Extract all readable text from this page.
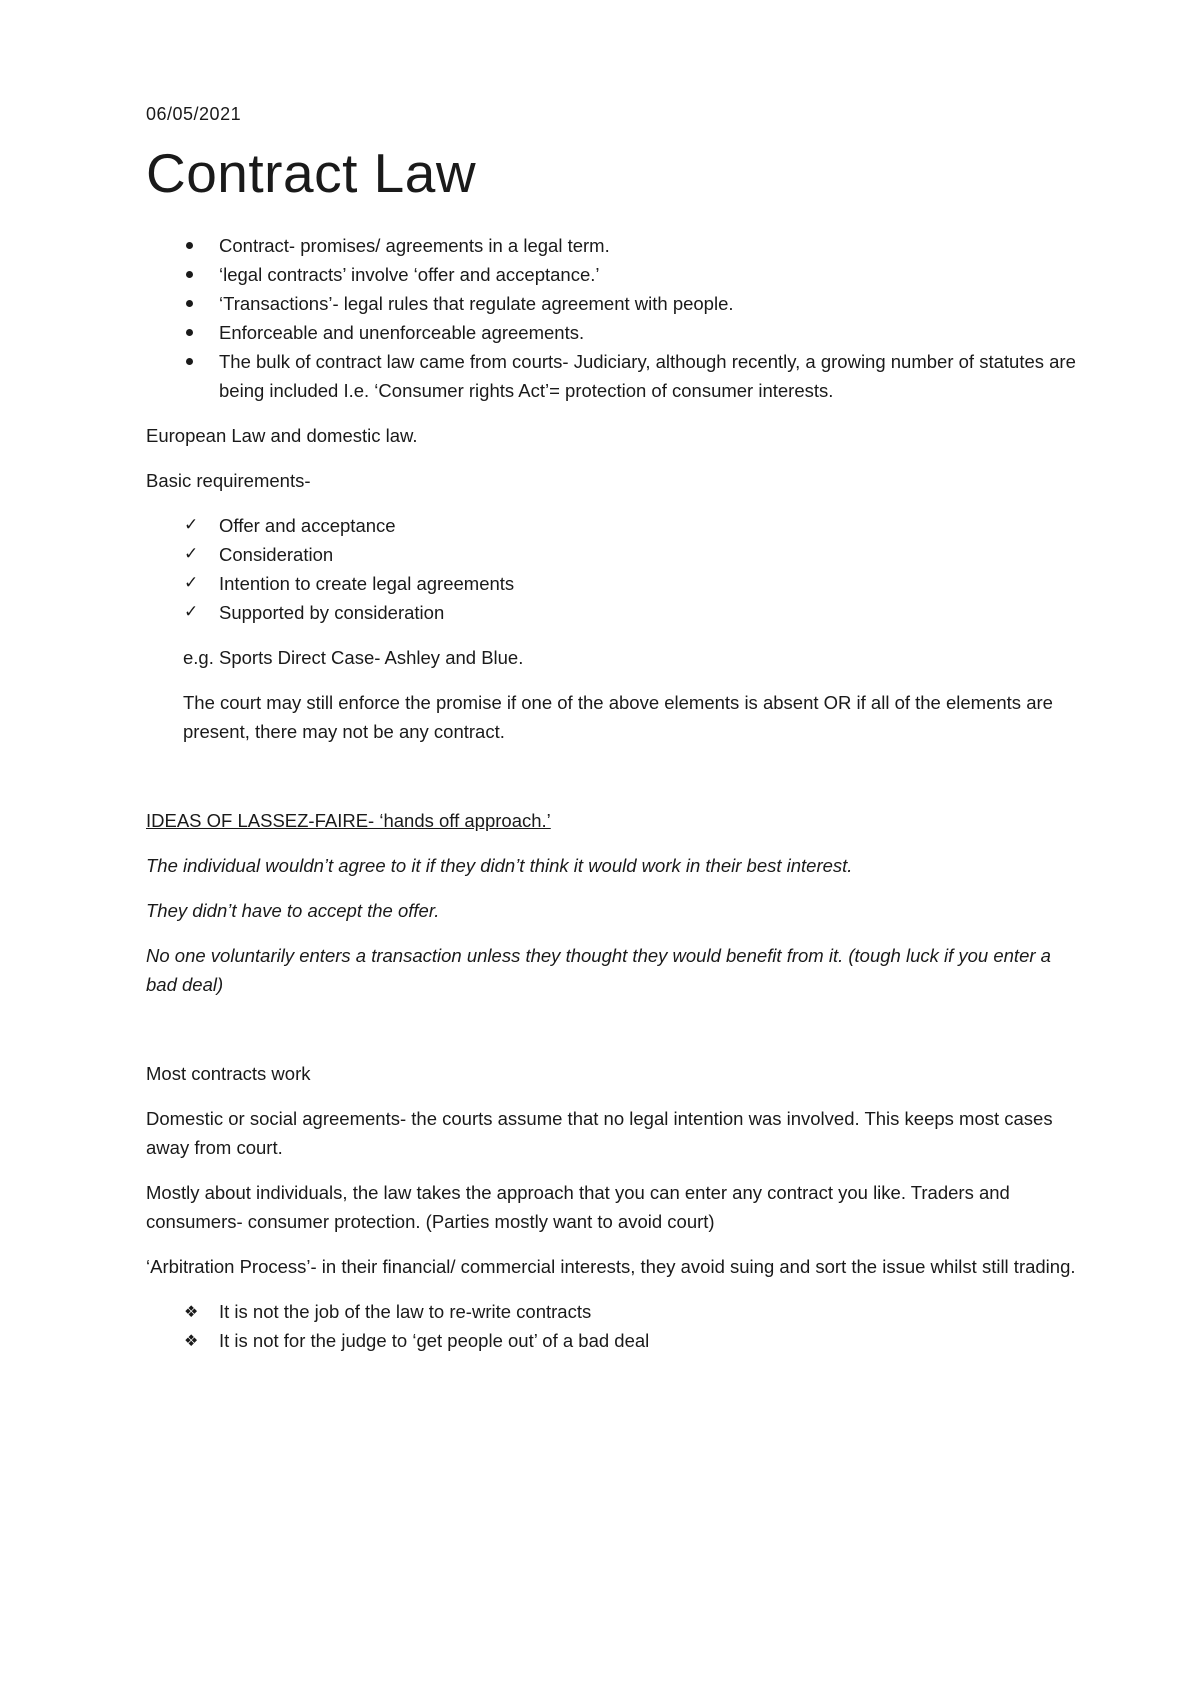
06/05/2021
Contract Law
Contract- promises/ agreements in a legal term.
‘legal contracts’ involve ‘offer and acceptance.’
‘Transactions’- legal rules that regulate agreement with people.
Enforceable and unenforceable agreements.
The bulk of contract law came from courts- Judiciary, although recently, a growing number of statutes are being included I.e. ‘Consumer rights Act’= protection of consumer interests.

European Law and domestic law.

Basic requirements-

✓	Offer and acceptance
✓	Consideration
✓	Intention to create legal agreements
✓	Supported by consideration

e.g. Sports Direct Case- Ashley and Blue.

The court may still enforce the promise if one of the above elements is absent OR if all of the elements are present, there may not be any contract.

IDEAS OF LASSEZ-FAIRE- ‘hands off approach.’

The individual wouldn’t agree to it if they didn’t think it would work in their best interest.

They didn’t have to accept the offer.

No one voluntarily enters a transaction unless they thought they would benefit from it. (tough luck if you enter a bad deal)

Most contracts work

Domestic or social agreements- the courts assume that no legal intention was involved. This keeps most cases away from court.

Mostly about individuals, the law takes the approach that you can enter any contract you like. Traders and consumers- consumer protection. (Parties mostly want to avoid court)

‘Arbitration Process’- in their financial/ commercial interests, they avoid suing and sort the issue whilst still trading.

❖	It is not the job of the law to re-write contracts
❖	It is not for the judge to ‘get people out’ of a bad deal
